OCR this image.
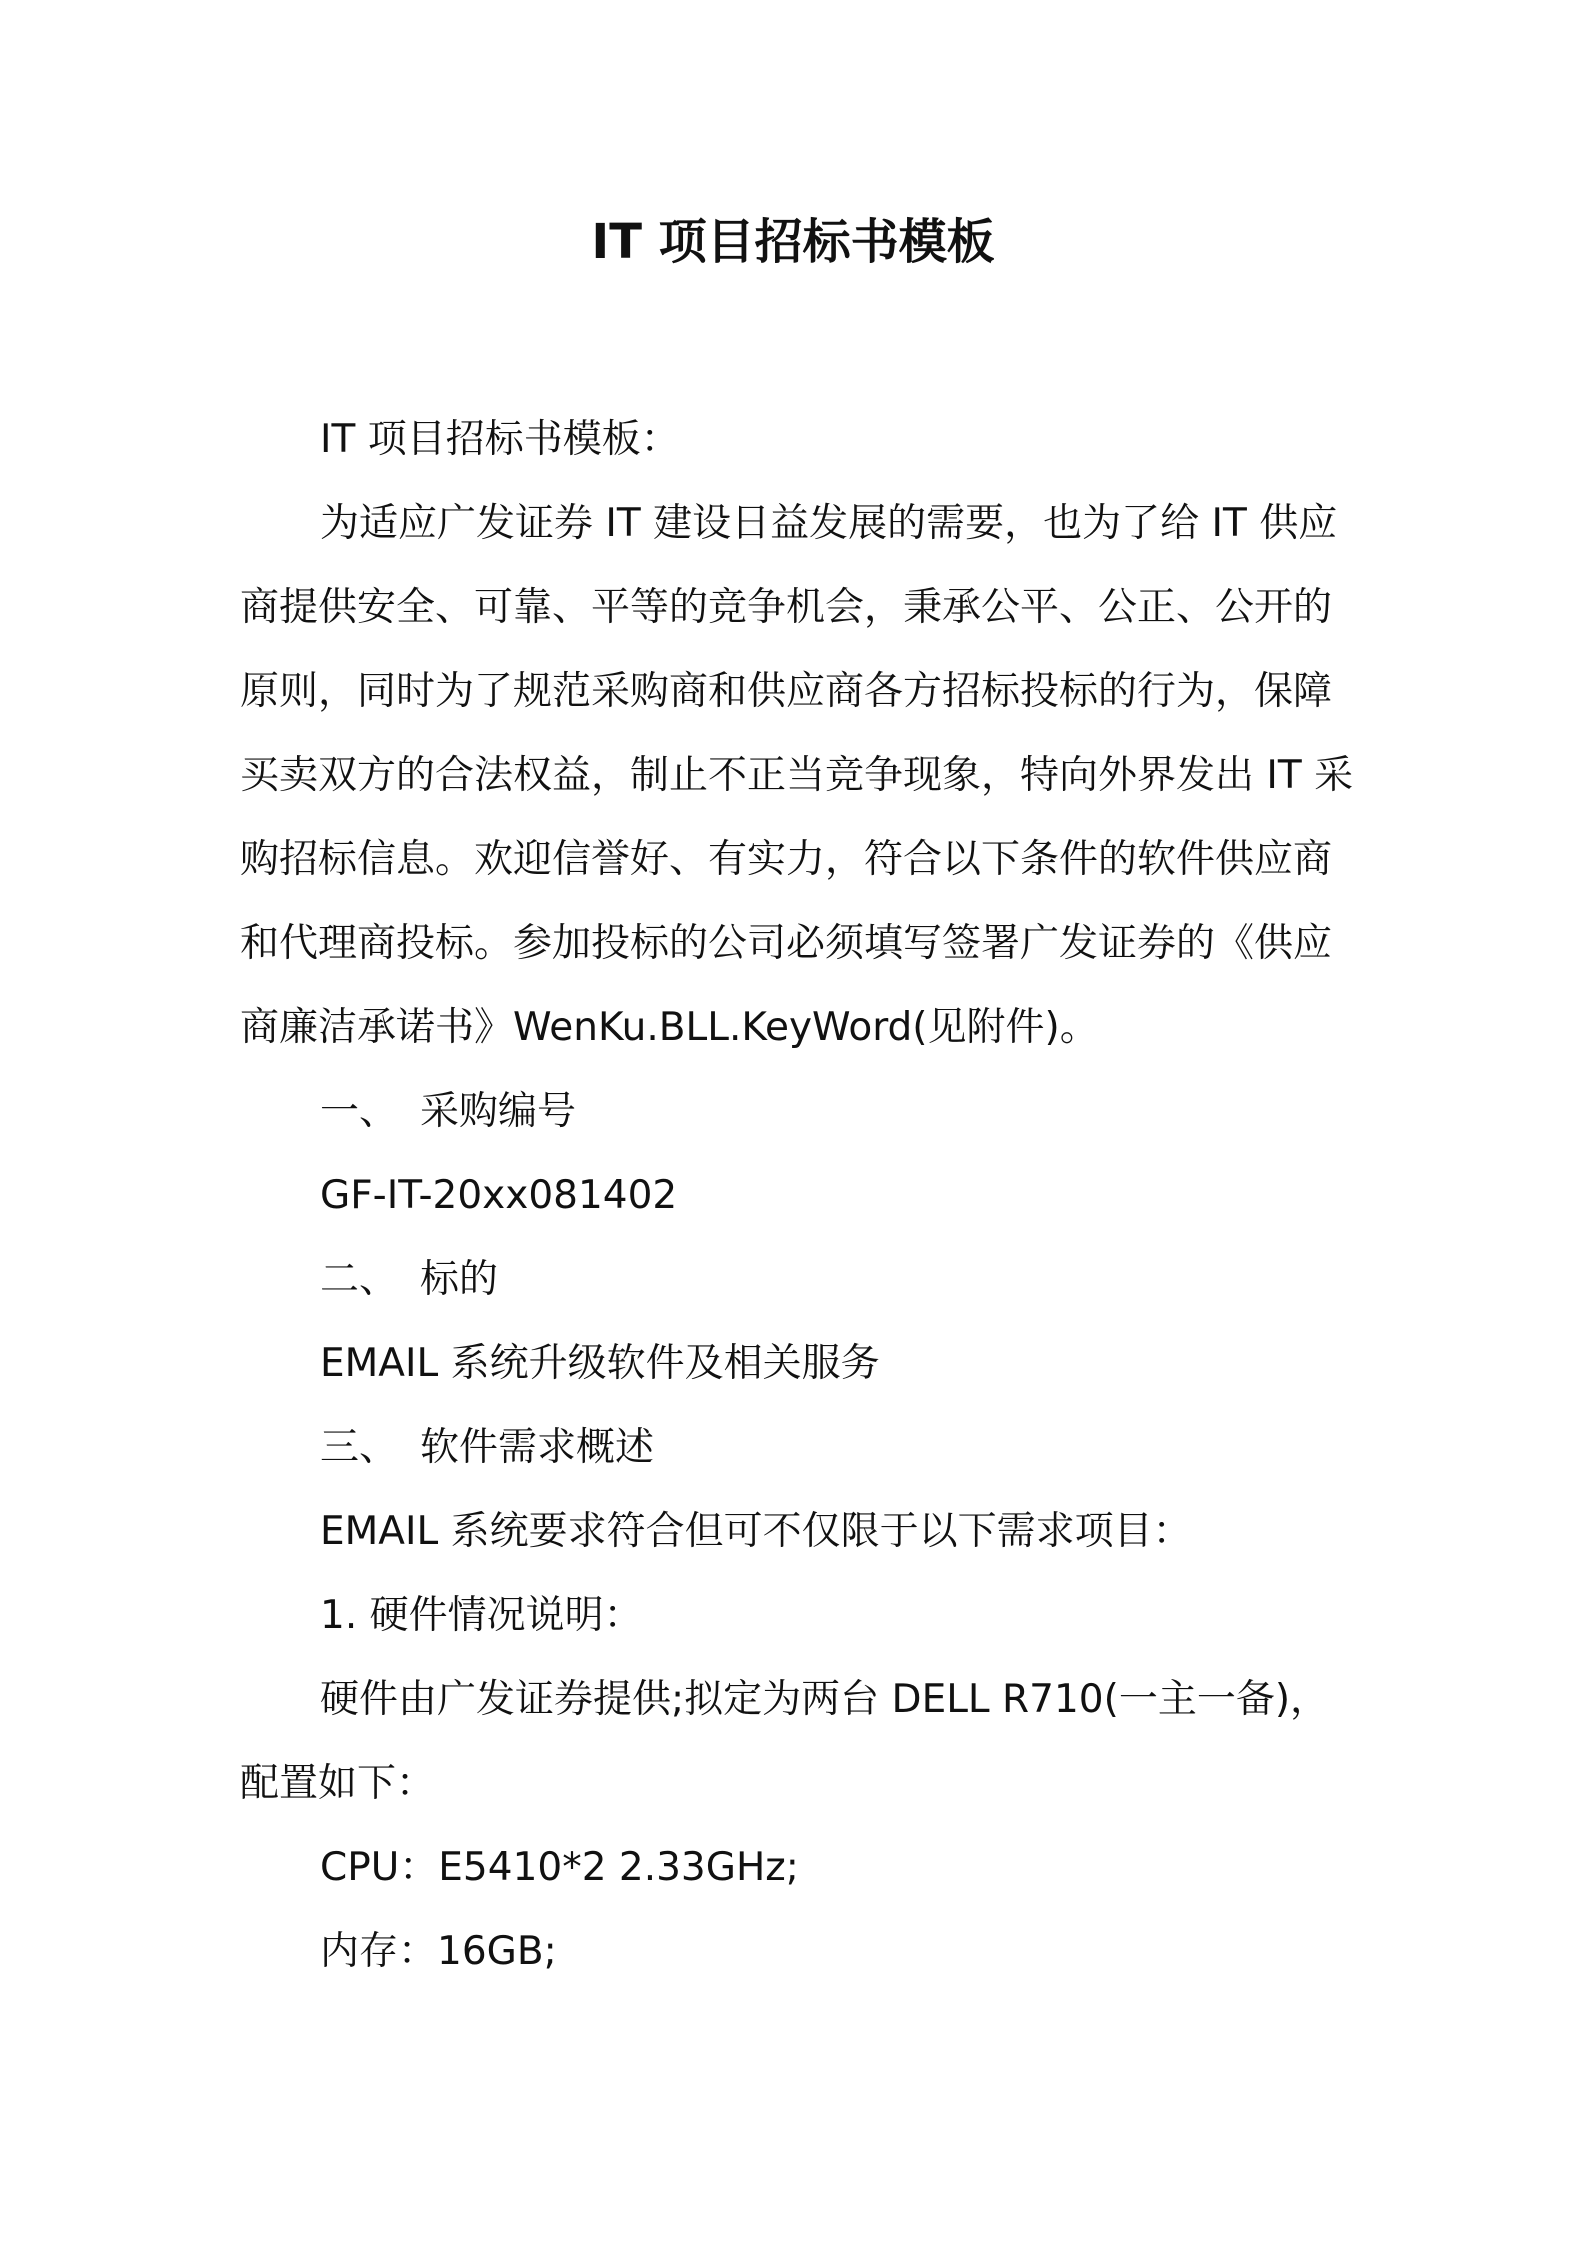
IT 项目招标书模板

IT 项目招标书模板：

为适应广发证券 IT 建设日益发展的需要，也为了给 IT 供应商提供安全、可靠、平等的竞争机会，秉承公平、公正、公开的原则，同时为了规范采购商和供应商各方招标投标的行为，保障买卖双方的合法权益，制止不正当竞争现象，特向外界发出 IT 采购招标信息。欢迎信誉好、有实力，符合以下条件的软件供应商和代理商投标。参加投标的公司必须填写签署广发证券的《供应商廉洁承诺书》WenKu.BLL.KeyWord(见附件)。

一、 采购编号

GF-IT-20xx081402

二、 标的

EMAIL 系统升级软件及相关服务

三、 软件需求概述

EMAIL 系统要求符合但可不仅限于以下需求项目：

1. 硬件情况说明：

硬件由广发证券提供;拟定为两台 DELL R710(一主一备)，配置如下：

CPU：E5410*2 2.33GHz;

内存：16GB;
